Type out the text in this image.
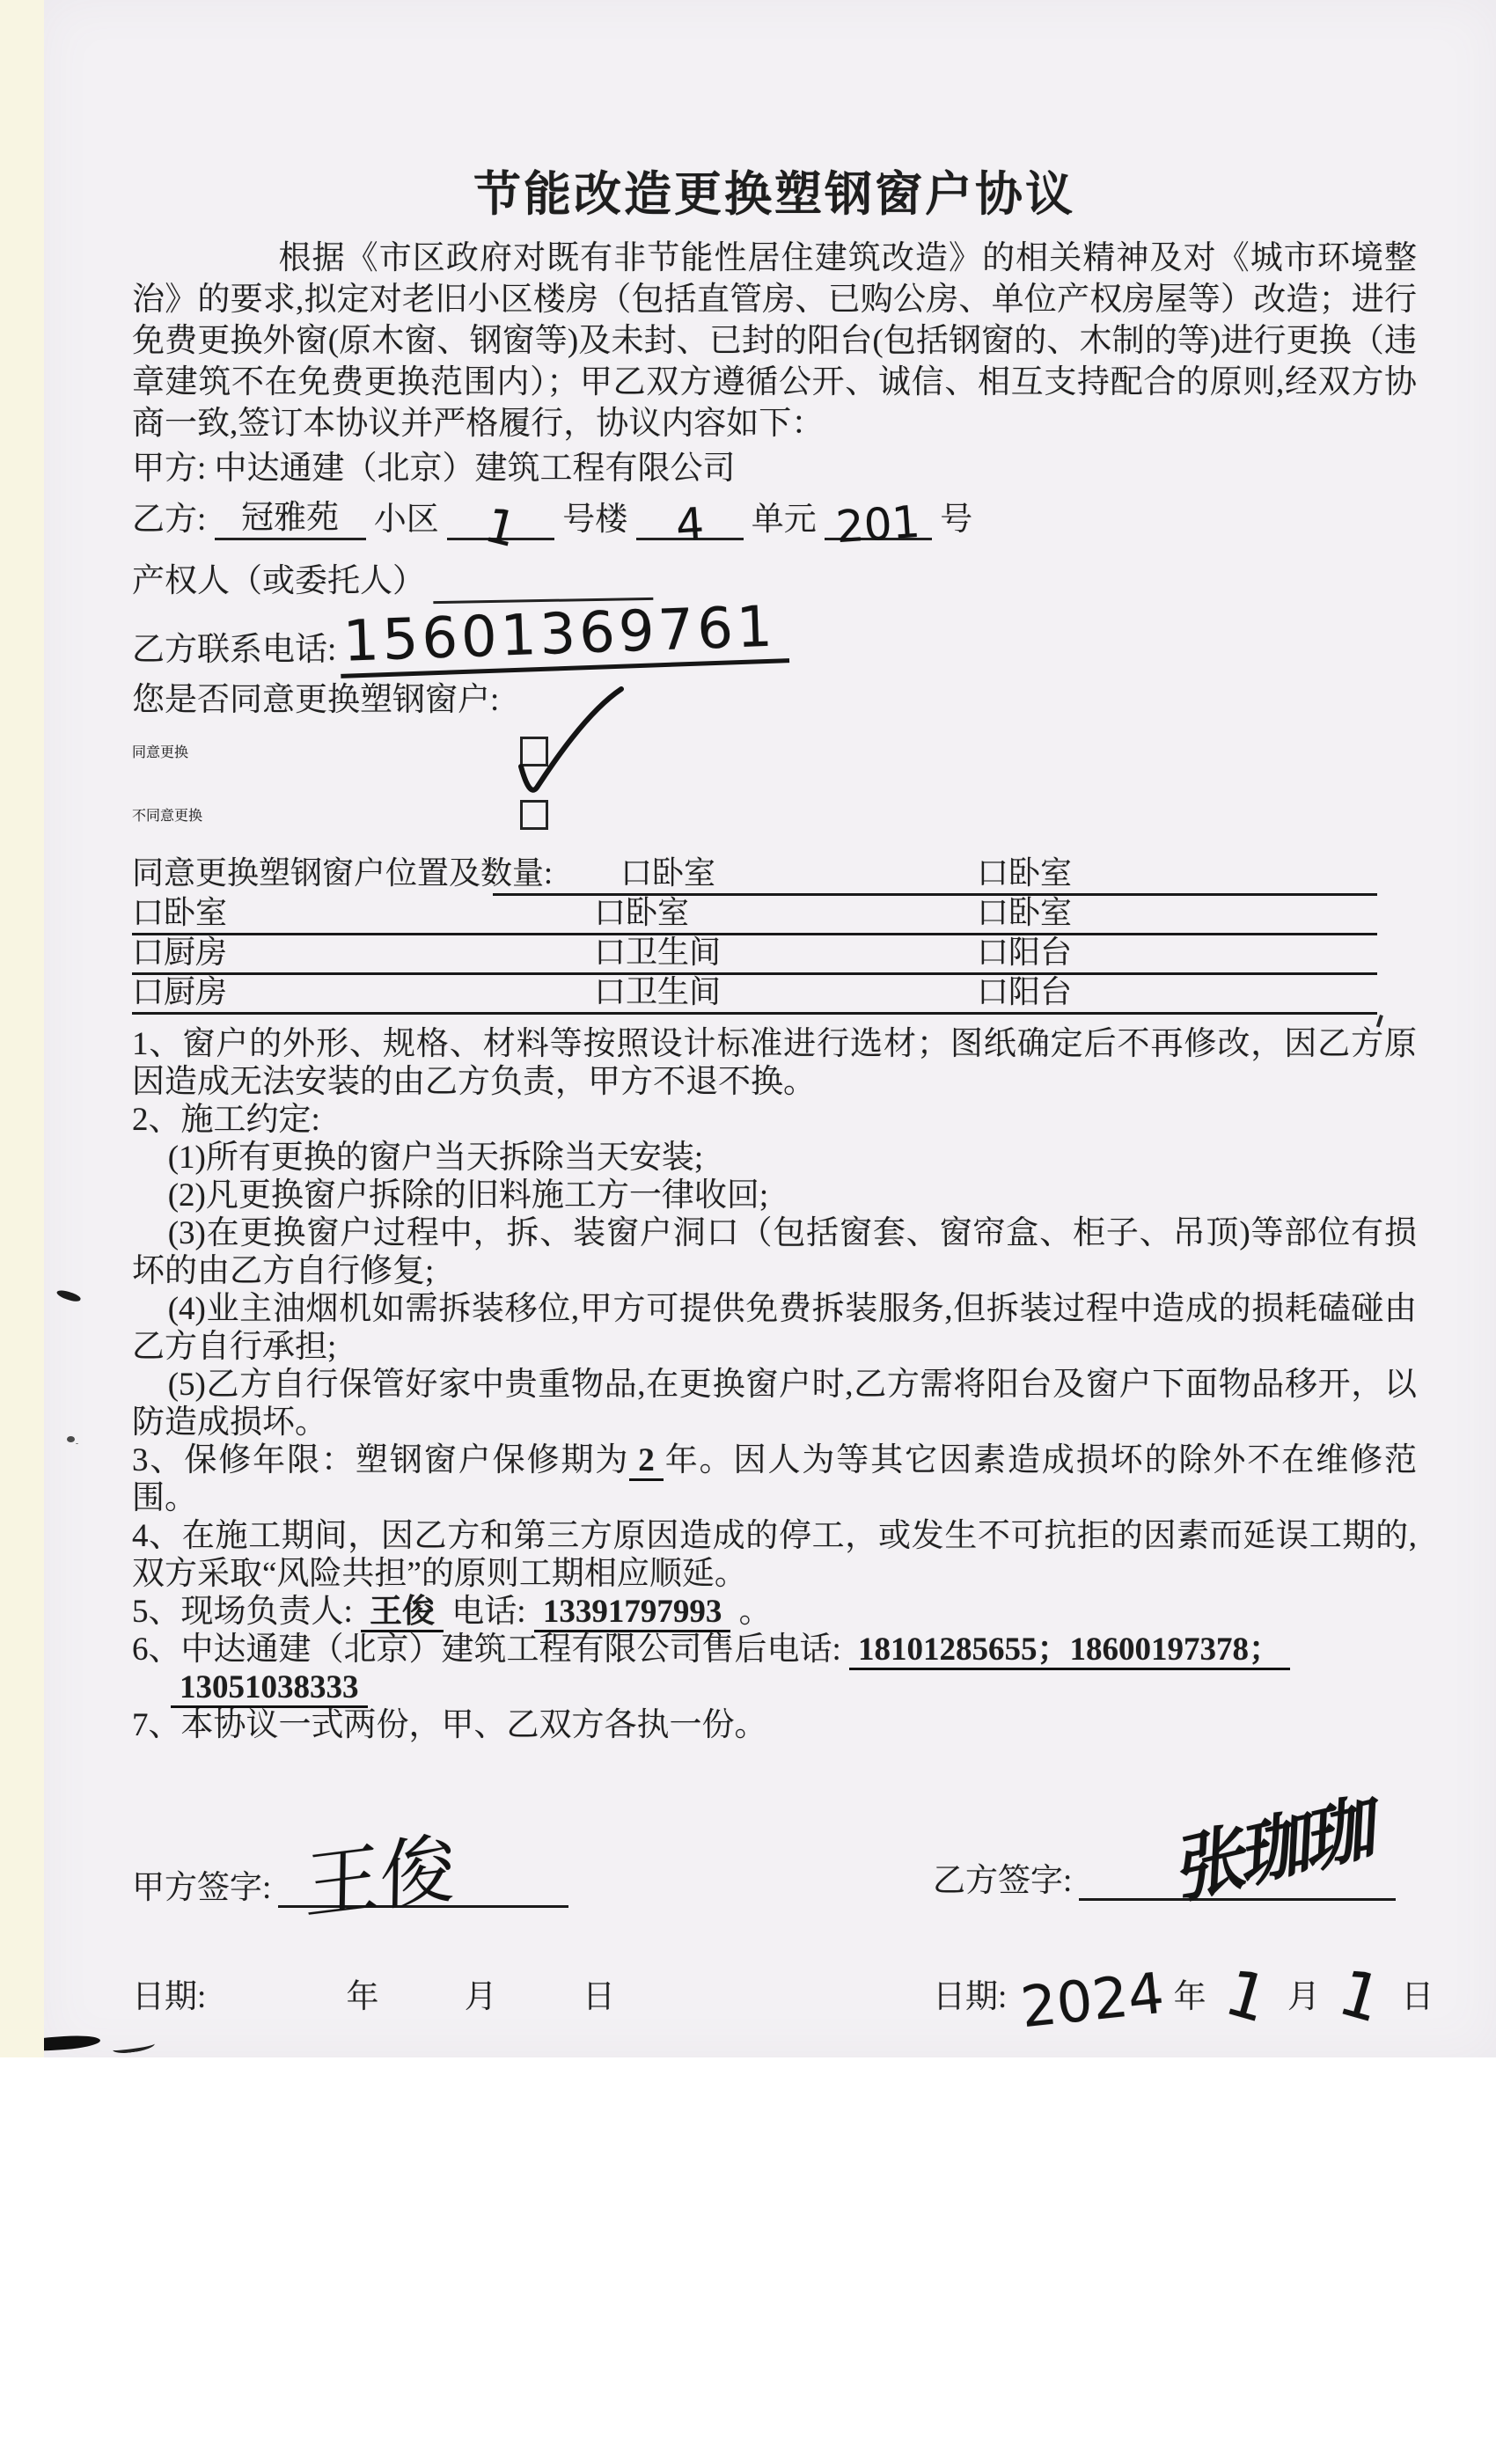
节能改造更换塑钢窗户协议

根据《市区政府对既有非节能性居住建筑改造》的相关精神及对《城市环境整治》的要求,拟定对老旧小区楼房（包括直管房、已购公房、单位产权房屋等）改造；进行免费更换外窗(原木窗、钢窗等)及未封、已封的阳台(包括钢窗的、木制的等)进行更换（违章建筑不在免费更换范围内）；甲乙双方遵循公开、诚信、相互支持配合的原则,经双方协商一致,签订本协议并严格履行，协议内容如下：

甲方: 中达通建（北京）建筑工程有限公司
乙方: 冠雅苑 小区 1 号楼 4 单元 201 号
产权人（或委托人）
乙方联系电话: 15601369761
您是否同意更换塑钢窗户:
同意更换
不同意更换
同意更换塑钢窗户位置及数量: 口卧室	口卧室
口卧室	口卧室	口卧室
口厨房	口卫生间	口阳台
口厨房	口卫生间	口阳台

1、窗户的外形、规格、材料等按照设计标准进行选材；图纸确定后不再修改，因乙方原因造成无法安装的由乙方负责，甲方不退不换。

2、施工约定:

(1)所有更换的窗户当天拆除当天安装;

(2)凡更换窗户拆除的旧料施工方一律收回;

(3)在更换窗户过程中，拆、装窗户洞口（包括窗套、窗帘盒、柜子、吊顶)等部位有损坏的由乙方自行修复;

(4)业主油烟机如需拆装移位,甲方可提供免费拆装服务,但拆装过程中造成的损耗磕碰由乙方自行承担;

(5)乙方自行保管好家中贵重物品,在更换窗户时,乙方需将阳台及窗户下面物品移开，以防造成损坏。

3、保修年限：塑钢窗户保修期为 2 年。因人为等其它因素造成损坏的除外不在维修范围。

4、在施工期间，因乙方和第三方原因造成的停工，或发生不可抗拒的因素而延误工期的,双方采取“风险共担”的原则工期相应顺延。

5、现场负责人: 王俊 电话: 13391797993 。

6、中达通建（北京）建筑工程有限公司售后电话: 18101285655；18600197378；

13051038333

7、本协议一式两份，甲、乙双方各执一份。

甲方签字: 王俊	乙方签字: 张珈珈
日期:	年	月	日	日期: 2024 年 1 月 1 日
